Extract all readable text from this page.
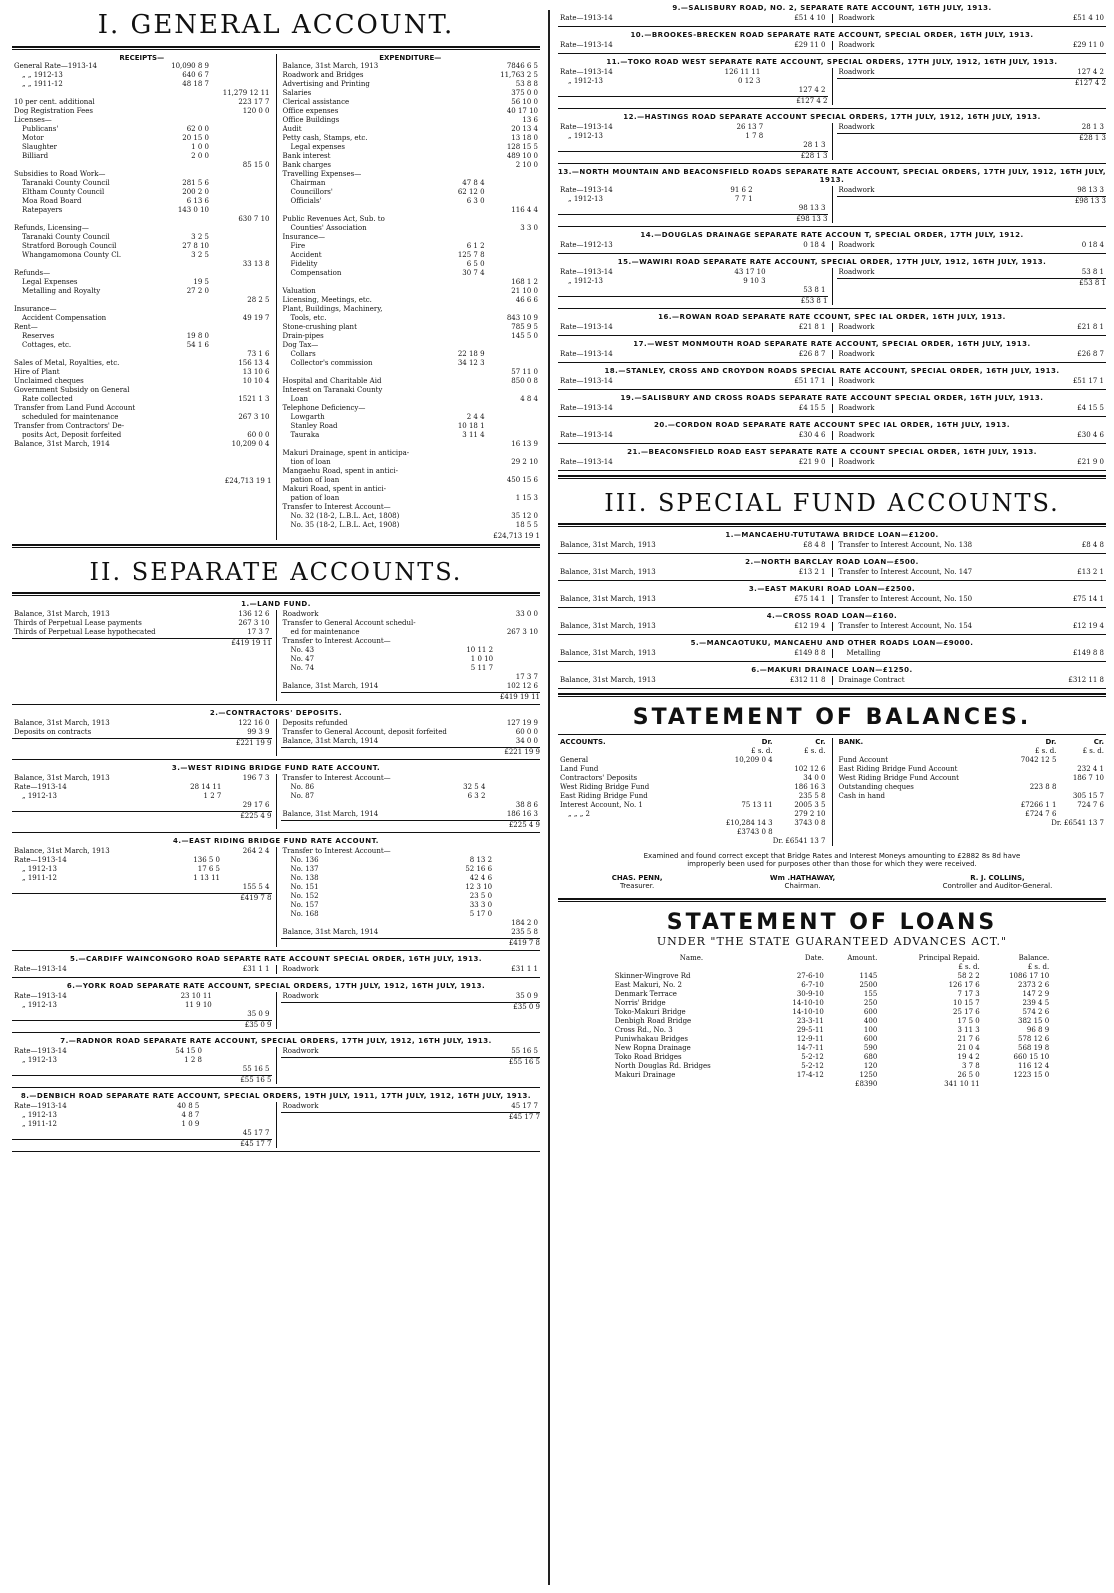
I. GENERAL ACCOUNT.
RECEIPTS—
General Rate—1913-14	10,090 8 9	
„ „ 1912-13	640 6 7	
„ „ 1911-12	48 18 7	
		11,279 12 11
10 per cent. additional		223 17 7
Dog Registration Fees		120 0 0
Licenses—		
Publicans'	62 0 0	
Motor	20 15 0	
Slaughter	1 0 0	
Billiard	2 0 0	
		85 15 0
Subsidies to Road Work—		
Taranaki County Council	281 5 6	
Eltham County Council	200 2 0	
Moa Road Board	6 13 6	
Ratepayers	143 0 10	
		630 7 10
Refunds, Licensing—		
Taranaki County Council	3 2 5	
Stratford Borough Council	27 8 10	
Whangamomona County Cl.	3 2 5	
		33 13 8
Refunds—		
Legal Expenses	19 5	
Metalling and Royalty	27 2 0	
		28 2 5
Insurance—		
Accident Compensation		49 19 7
Rent—		
Reserves	19 8 0	
Cottages, etc.	54 1 6	
		73 1 6
Sales of Metal, Royalties, etc.		156 13 4
Hire of Plant		13 10 6
Unclaimed cheques		10 10 4
Government Subsidy on General		
Rate collected		1521 1 3
Transfer from Land Fund Account		
scheduled for maintenance		267 3 10
Transfer from Contractors' De-		
posits Act, Deposit forfeited		60 0 0
Balance, 31st March, 1914		10,209 0 4
£24,713 19 1
EXPENDITURE—
Balance, 31st March, 1913		7846 6 5
Roadwork and Bridges		11,763 2 5
Advertising and Printing		53 8 8
Salaries		375 0 0
Clerical assistance		56 10 0
Office expenses		40 17 10
Office Buildings		13 6
Audit		20 13 4
Petty cash, Stamps, etc.		13 18 0
Legal expenses		128 15 5
Bank interest		489 10 0
Bank charges		2 10 0
Travelling Expenses—		
Chairman	47 8 4	
Councillors'	62 12 0	
Officials'	6 3 0	
		116 4 4
Public Revenues Act, Sub. to		
Counties' Association		3 3 0
Insurance—		
Fire	6 1 2	
Accident	125 7 8	
Fidelity	6 5 0	
Compensation	30 7 4	
		168 1 2
Valuation		21 10 0
Licensing, Meetings, etc.		46 6 6
Plant, Buildings, Machinery,		
Tools, etc.		843 10 9
Stone-crushing plant		785 9 5
Drain-pipes		145 5 0
Dog Tax—		
Collars	22 18 9	
Collector's commission	34 12 3	
		57 11 0
Hospital and Charitable Aid		850 0 8
Interest on Taranaki County		
Loan		4 8 4
Telephone Deficiency—		
Lowgarth	2 4 4	
Stanley Road	10 18 1	
Tauraka	3 11 4	
		16 13 9
Makuri Drainage, spent in anticipa-		
tion of loan		29 2 10
Mangaehu Road, spent in antici-		
pation of loan		450 15 6
Makuri Road, spent in antici-		
pation of loan		1 15 3
Transfer to Interest Account—		
No. 32 (18-2, L.B.L. Act, 1808)		35 12 0
No. 35 (18-2, L.B.L. Act, 1908)		18 5 5
£24,713 19 1
II. SEPARATE ACCOUNTS.
1.—LAND FUND.
Balance, 31st March, 1913		136 12 6
Thirds of Perpetual Lease payments		267 3 10
Thirds of Perpetual Lease hypothecated		17 3 7
£419 19 11
Roadwork		33 0 0
Transfer to General Account schedul-		
ed for maintenance		267 3 10
Transfer to Interest Account—		
No. 43	10 11 2	
No. 47	1 0 10	
No. 74	5 11 7	
		17 3 7
Balance, 31st March, 1914		102 12 6
£419 19 11
2.—CONTRACTORS' DEPOSITS.
Balance, 31st March, 1913		122 16 0
Deposits on contracts		99 3 9
£221 19 9
Deposits refunded		127 19 9
Transfer to General Account, deposit forfeited		60 0 0
Balance, 31st March, 1914		34 0 0
£221 19 9
3.—WEST RIDING BRIDGE FUND RATE ACCOUNT.
Balance, 31st March, 1913		196 7 3
Rate—1913-14	28 14 11	
„ 1912-13	1 2 7	
		29 17 6
£225 4 9
Transfer to Interest Account—		
No. 86	32 5 4	
No. 87	6 3 2	
		38 8 6
Balance, 31st March, 1914		186 16 3
£225 4 9
4.—EAST RIDING BRIDGE FUND RATE ACCOUNT.
Balance, 31st March, 1913		264 2 4
Rate—1913-14	136 5 0	
„ 1912-13	17 6 5	
„ 1911-12	1 13 11	
		155 5 4
£419 7 8
Transfer to Interest Account—		
No. 136	8 13 2	
No. 137	52 16 6	
No. 138	42 4 6	
No. 151	12 3 10	
No. 152	23 5 0	
No. 157	33 3 0	
No. 168	5 17 0	
		184 2 0
Balance, 31st March, 1914		235 5 8
£419 7 8
5.—CARDIFF WAINCONGORO ROAD SEPARTE RATE ACCOUNT SPECIAL ORDER, 16TH JULY, 1913.
Rate—1913-14		£31 1 1 Roadwork		£31 1 1
6.—YORK ROAD SEPARATE RATE ACCOUNT, SPECIAL ORDERS, 17TH JULY, 1912, 16TH JULY, 1913.
Rate—1913-14	23 10 11	
„ 1912-13	11 9 10	
		35 0 9
£35 0 9
Roadwork		35 0 9
£35 0 9
7.—RADNOR ROAD SEPARATE RATE ACCOUNT, SPECIAL ORDERS, 17TH JULY, 1912, 16TH JULY, 1913.
Rate—1913-14	54 15 0	
„ 1912-13	1 2 8	
		55 16 5
£55 16 5
Roadwork		55 16 5
£55 16 5
8.—DENBICH ROAD SEPARATE RATE ACCOUNT, SPECIAL ORDERS, 19TH JULY, 1911, 17TH JULY, 1912, 16TH JULY, 1913.
Rate—1913-14	40 8 5	
„ 1912-13	4 8 7	
„ 1911-12	1 0 9	
		45 17 7
£45 17 7
Roadwork		45 17 7
£45 17 7
9.—SALISBURY ROAD, NO. 2, SEPARATE RATE ACCOUNT, 16TH JULY, 1913.
Rate—1913-14		£51 4 10 Roadwork		£51 4 10
10.—BROOKES-BRECKEN ROAD SEPARATE RATE ACCOUNT, SPECIAL ORDER, 16TH JULY, 1913.
Rate—1913-14		£29 11 0 Roadwork		£29 11 0
11.—TOKO ROAD WEST SEPARATE RATE ACCOUNT, SPECIAL ORDERS, 17TH JULY, 1912, 16TH JULY, 1913.
Rate—1913-14	126 11 11	
„ 1912-13	0 12 3	
		127 4 2
£127 4 2
Roadwork		127 4 2
£127 4 2
12.—HASTINGS ROAD SEPARATE ACCOUNT SPECIAL ORDERS, 17TH JULY, 1912, 16TH JULY, 1913.
Rate—1913-14	26 13 7	
„ 1912-13	1 7 8	
		28 1 3
£28 1 3
Roadwork		28 1 3
£28 1 3
13.—NORTH MOUNTAIN AND BEACONSFIELD ROADS SEPARATE RATE ACCOUNT, SPECIAL ORDERS, 17TH JULY, 1912, 16TH JULY, 1913.
Rate—1913-14	91 6 2	
„ 1912-13	7 7 1	
		98 13 3
£98 13 3
Roadwork		98 13 3
£98 13 3
14.—DOUGLAS DRAINAGE SEPARATE RATE ACCOUN T, SPECIAL ORDER, 17TH JULY, 1912.
Rate—1912-13		0 18 4 Roadwork		0 18 4
15.—WAWIRI ROAD SEPARATE RATE ACCOUNT, SPECIAL ORDER, 17TH JULY, 1912, 16TH JULY, 1913.
Rate—1913-14	43 17 10	
„ 1912-13	9 10 3	
		53 8 1
£53 8 1
Roadwork		53 8 1
£53 8 1
16.—ROWAN ROAD SEPARATE RATE CCOUNT, SPEC IAL ORDER, 16TH JULY, 1913.
Rate—1913-14		£21 8 1 Roadwork		£21 8 1
17.—WEST MONMOUTH ROAD SEPARATE RATE ACCOUNT, SPECIAL ORDER, 16TH JULY, 1913.
Rate—1913-14		£26 8 7 Roadwork		£26 8 7
18.—STANLEY, CROSS AND CROYDON ROADS SPECIAL RATE ACCOUNT, SPECIAL ORDER, 16TH JULY, 1913.
Rate—1913-14		£51 17 1 Roadwork		£51 17 1
19.—SALISBURY AND CROSS ROADS SEPARATE RATE ACCOUNT SPECIAL ORDER, 16TH JULY, 1913.
Rate—1913-14		£4 15 5 Roadwork		£4 15 5
20.—CORDON ROAD SEPARATE RATE ACCOUNT SPEC IAL ORDER, 16TH JULY, 1913.
Rate—1913-14		£30 4 6 Roadwork		£30 4 6
21.—BEACONSFIELD ROAD EAST SEPARATE RATE A CCOUNT SPECIAL ORDER, 16TH JULY, 1913.
Rate—1913-14		£21 9 0 Roadwork		£21 9 0
III. SPECIAL FUND ACCOUNTS.
1.—MANCAEHU-TUTUTAWA BRIDCE LOAN—£1200.
Balance, 31st March, 1913		£8 4 8 Transfer to Interest Account, No. 138		£8 4 8
2.—NORTH BARCLAY ROAD LOAN—£500.
Balance, 31st March, 1913		£13 2 1 Transfer to Interest Account, No. 147		£13 2 1
3.—EAST MAKURI ROAD LOAN—£2500.
Balance, 31st March, 1913		£75 14 1 Transfer to Interest Account, No. 150		£75 14 1
4.—CROSS ROAD LOAN—£160.
Balance, 31st March, 1913		£12 19 4 Transfer to Interest Account, No. 154		£12 19 4
5.—MANCAOTUKU, MANCAEHU AND OTHER ROADS LOAN—£9000.
Balance, 31st March, 1913		£149 8 8	Metalling		£149 8 8
6.—MAKURI DRAINACE LOAN—£1250.
Balance, 31st March, 1913		£312 11 8 Drainage Contract		£312 11 8
STATEMENT OF BALANCES.
ACCOUNTS.	Dr.	Cr.
	£ s. d.	£ s. d.
General	10,209 0 4	
Land Fund		102 12 6
Contractors' Deposits		34 0 0
West Riding Bridge Fund		186 16 3
East Riding Bridge Fund		235 5 8
Interest Account, No. 1	75 13 11	2005 3 5
„ „ „ 2		279 2 10
	£10,284 14 3	3743 0 8
	£3743 0 8	
	Dr. £6541 13 7	
BANK.	Dr.	Cr.
	£ s. d.	£ s. d.
Fund Account	7042 12 5	
East Riding Bridge Fund Account		232 4 1
West Riding Bridge Fund Account		186 7 10
Outstanding cheques	223 8 8	
Cash in hand		305 15 7
	£7266 1 1	724 7 6
	£724 7 6	
	Dr. £6541 13 7	
Examined and found correct except that Bridge Rates and Interest Moneys amounting to £2882 8s 8d have
improperly been used for purposes other than those for which they were received.
CHAS. PENN,
Treasurer.
Wm .HATHAWAY,
Chairman.
R. J. COLLINS,
Controller and Auditor-General.
STATEMENT OF LOANS
UNDER "THE STATE GUARANTEED ADVANCES ACT."
Name.	Date.	Amount.	Principal Repaid.	Balance.
			£ s. d.	£ s. d.
Skinner-Wingrove Rd	27-6-10	1145	58 2 2	1086 17 10
East Makuri, No. 2	6-7-10	2500	126 17 6	2373 2 6
Denmark Terrace	30-9-10	155	7 17 3	147 2 9
Norris' Bridge	14-10-10	250	10 15 7	239 4 5
Toko-Makuri Bridge	14-10-10	600	25 17 6	574 2 6
Denbigh Road Bridge	23-3-11	400	17 5 0	382 15 0
Cross Rd., No. 3	29-5-11	100	3 11 3	96 8 9
Puniwhakau Bridges	12-9-11	600	21 7 6	578 12 6
New Ropna Drainage	14-7-11	590	21 0 4	568 19 8
Toko Road Bridges	5-2-12	680	19 4 2	660 15 10
North Douglas Rd. Bridges	5-2-12	120	3 7 8	116 12 4
Makuri Drainage	17-4-12	1250	26 5 0	1223 15 0
		£8390	341 10 11	
